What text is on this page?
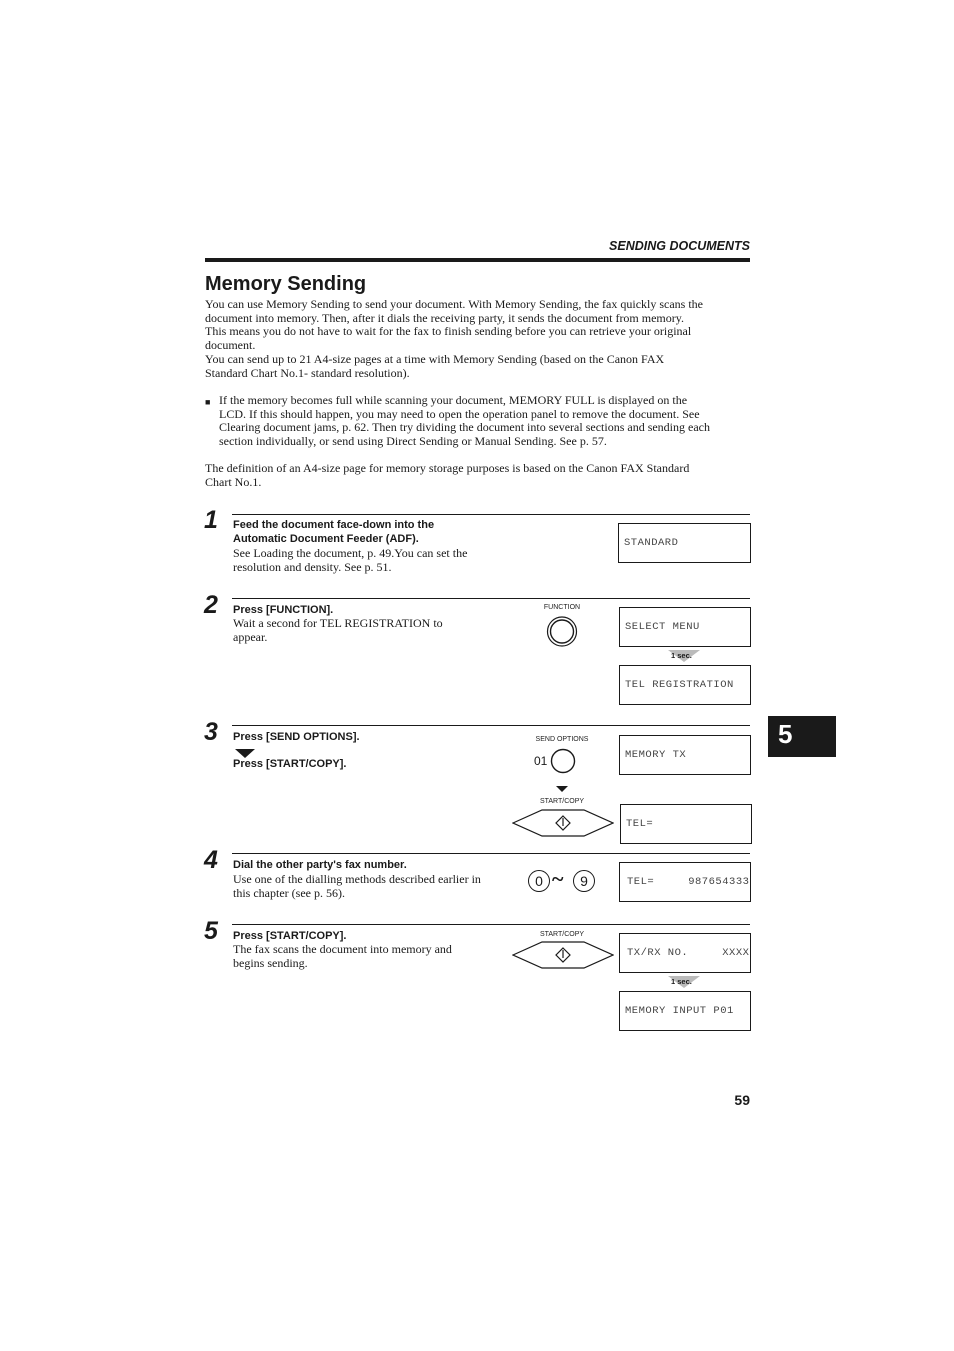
SENDING DOCUMENTS
Memory Sending
You can use Memory Sending to send your document. With Memory Sending, the fax quickly scans the
document into memory. Then, after it dials the receiving party, it sends the document from memory.
This means you do not have to wait for the fax to finish sending before you can retrieve your original
document.
You can send up to 21 A4-size pages at a time with Memory Sending (based on the Canon FAX
Standard Chart No.1- standard resolution).
■ If the memory becomes full while scanning your document, MEMORY FULL is displayed on the
LCD. If this should happen, you may need to open the operation panel to remove the document. See
Clearing document jams, p. 62. Then try dividing the document into several sections and sending each
section individually, or send using Direct Sending or Manual Sending. See p. 57.
The definition of an A4-size page for memory storage purposes is based on the Canon FAX Standard
Chart No.1.
1 Feed the document face-down into the
Automatic Document Feeder (ADF).
See Loading the document, p. 49.You can set the
resolution and density. See p. 51.
STANDARD
2 Press [FUNCTION].
Wait a second for TEL REGISTRATION to
appear.
FUNCTION
SELECT MENU
1 sec.
TEL REGISTRATION
3 Press [SEND OPTIONS].
Press [START/COPY].
SEND OPTIONS
01
START/COPY
MEMORY TX
TEL=
4 Dial the other party's fax number.
Use one of the dialling methods described earlier in
this chapter (see p. 56).
0 ~	9	TEL=     987654333
5 Press [START/COPY].
The fax scans the document into memory and
begins sending.
START/COPY
TX/RX NO.     XXXX
1 sec.
MEMORY INPUT P01
5
59
